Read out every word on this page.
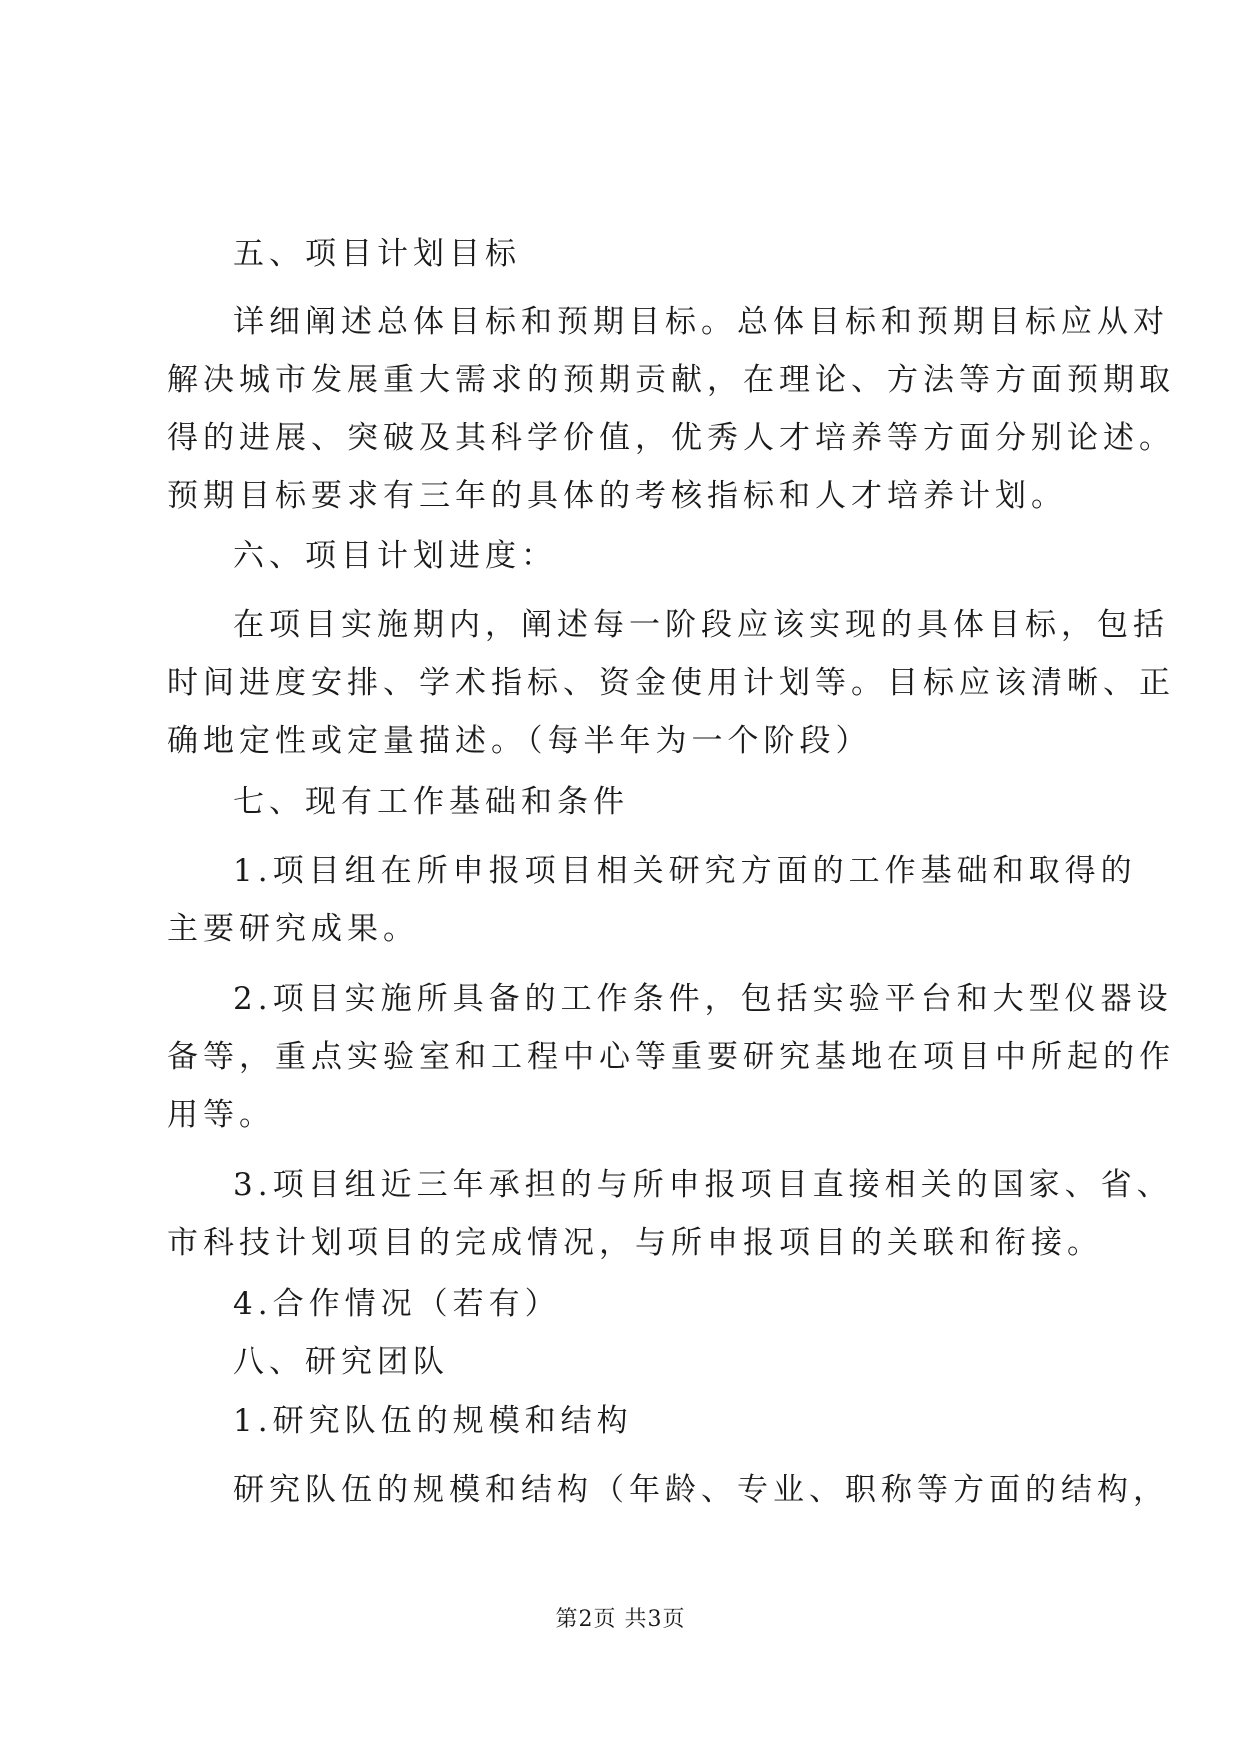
五、项目计划目标
详细阐述总体目标和预期目标。总体目标和预期目标应从对
解决城市发展重大需求的预期贡献，在理论、方法等方面预期取
得的进展、突破及其科学价值，优秀人才培养等方面分别论述。
预期目标要求有三年的具体的考核指标和人才培养计划。
六、项目计划进度：
在项目实施期内，阐述每一阶段应该实现的具体目标，包括
时间进度安排、学术指标、资金使用计划等。目标应该清晰、正
确地定性或定量描述。（每半年为一个阶段）
七、现有工作基础和条件
1.项目组在所申报项目相关研究方面的工作基础和取得的
主要研究成果。
2.项目实施所具备的工作条件，包括实验平台和大型仪器设
备等，重点实验室和工程中心等重要研究基地在项目中所起的作
用等。
3.项目组近三年承担的与所申报项目直接相关的国家、省、
市科技计划项目的完成情况，与所申报项目的关联和衔接。
4.合作情况（若有）
八、研究团队
1.研究队伍的规模和结构
研究队伍的规模和结构（年龄、专业、职称等方面的结构，
第2页 共3页
